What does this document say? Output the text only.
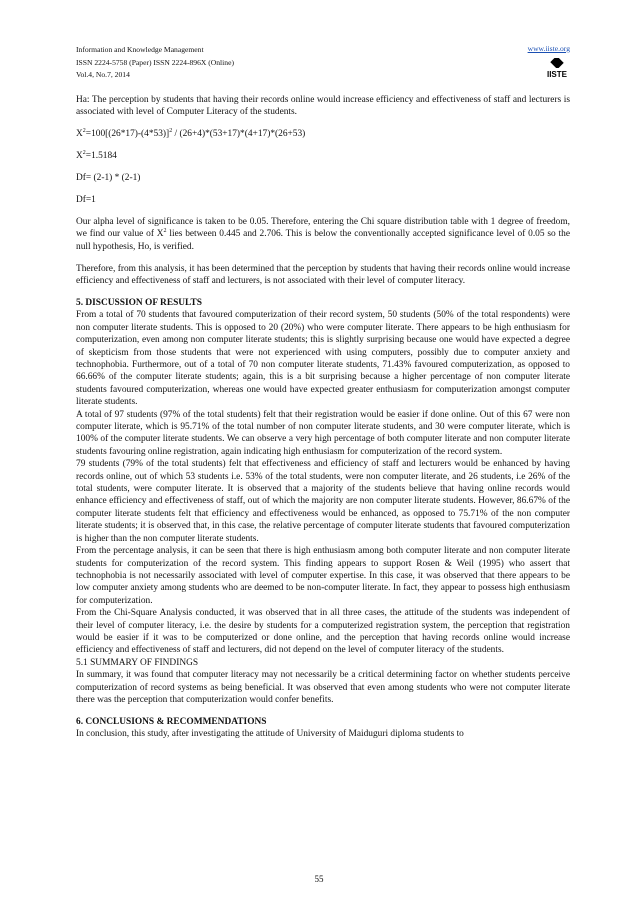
Information and Knowledge Management
ISSN 2224-5758 (Paper) ISSN 2224-896X (Online)
Vol.4, No.7, 2014
www.iiste.org
IISTE

Ha: The perception by students that having their records online would increase efficiency and effectiveness of staff and lecturers is associated with level of Computer Literacy of the students.

$X^2=100[(26*17)-(4*53)]^2 / (26+4)*(53+17)*(4+17)*(26+53)$

$X^2=1.5184$

Df= (2-1) * (2-1)

Df=1

Our alpha level of significance is taken to be 0.05. Therefore, entering the Chi square distribution table with 1 degree of freedom, we find our value of $X^2$ lies between 0.445 and 2.706. This is below the conventionally accepted significance level of 0.05 so the null hypothesis, Ho, is verified.

Therefore, from this analysis, it has been determined that the perception by students that having their records online would increase efficiency and effectiveness of staff and lecturers, is not associated with their level of computer literacy.

5. DISCUSSION OF RESULTS

From a total of 70 students that favoured computerization of their record system, 50 students (50% of the total respondents) were non computer literate students. This is opposed to 20 (20%) who were computer literate. There appears to be high enthusiasm for computerization, even among non computer literate students; this is slightly surprising because one would have expected a degree of skepticism from those students that were not experienced with using computers, possibly due to computer anxiety and technophobia. Furthermore, out of a total of 70 non computer literate students, 71.43% favoured computerization, as opposed to 66.66% of the computer literate students; again, this is a bit surprising because a higher percentage of non computer literate students favoured computerization, whereas one would have expected greater enthusiasm for computerization amongst computer literate students.

A total of 97 students (97% of the total students) felt that their registration would be easier if done online. Out of this 67 were non computer literate, which is 95.71% of the total number of non computer literate students, and 30 were computer literate, which is 100% of the computer literate students. We can observe a very high percentage of both computer literate and non computer literate students favouring online registration, again indicating high enthusiasm for computerization of the record system.

79 students (79% of the total students) felt that effectiveness and efficiency of staff and lecturers would be enhanced by having records online, out of which 53 students i.e. 53% of the total students, were non computer literate, and 26 students, i.e 26% of the total students, were computer literate. It is observed that a majority of the students believe that having online records would enhance efficiency and effectiveness of staff, out of which the majority are non computer literate students. However, 86.67% of the computer literate students felt that efficiency and effectiveness would be enhanced, as opposed to 75.71% of the non computer literate students; it is observed that, in this case, the relative percentage of computer literate students that favoured computerization is higher than the non computer literate students.

From the percentage analysis, it can be seen that there is high enthusiasm among both computer literate and non computer literate students for computerization of the record system. This finding appears to support Rosen & Weil (1995) who assert that technophobia is not necessarily associated with level of computer expertise. In this case, it was observed that there appears to be low computer anxiety among students who are deemed to be non-computer literate. In fact, they appear to possess high enthusiasm for computerization.

From the Chi-Square Analysis conducted, it was observed that in all three cases, the attitude of the students was independent of their level of computer literacy, i.e. the desire by students for a computerized registration system, the perception that registration would be easier if it was to be computerized or done online, and the perception that having records online would increase efficiency and effectiveness of staff and lecturers, did not depend on the level of computer literacy of the students.

5.1 SUMMARY OF FINDINGS

In summary, it was found that computer literacy may not necessarily be a critical determining factor on whether students perceive computerization of record systems as being beneficial. It was observed that even among students who were not computer literate there was the perception that computerization would confer benefits.

6. CONCLUSIONS & RECOMMENDATIONS

In conclusion, this study, after investigating the attitude of University of Maiduguri diploma students to

55
